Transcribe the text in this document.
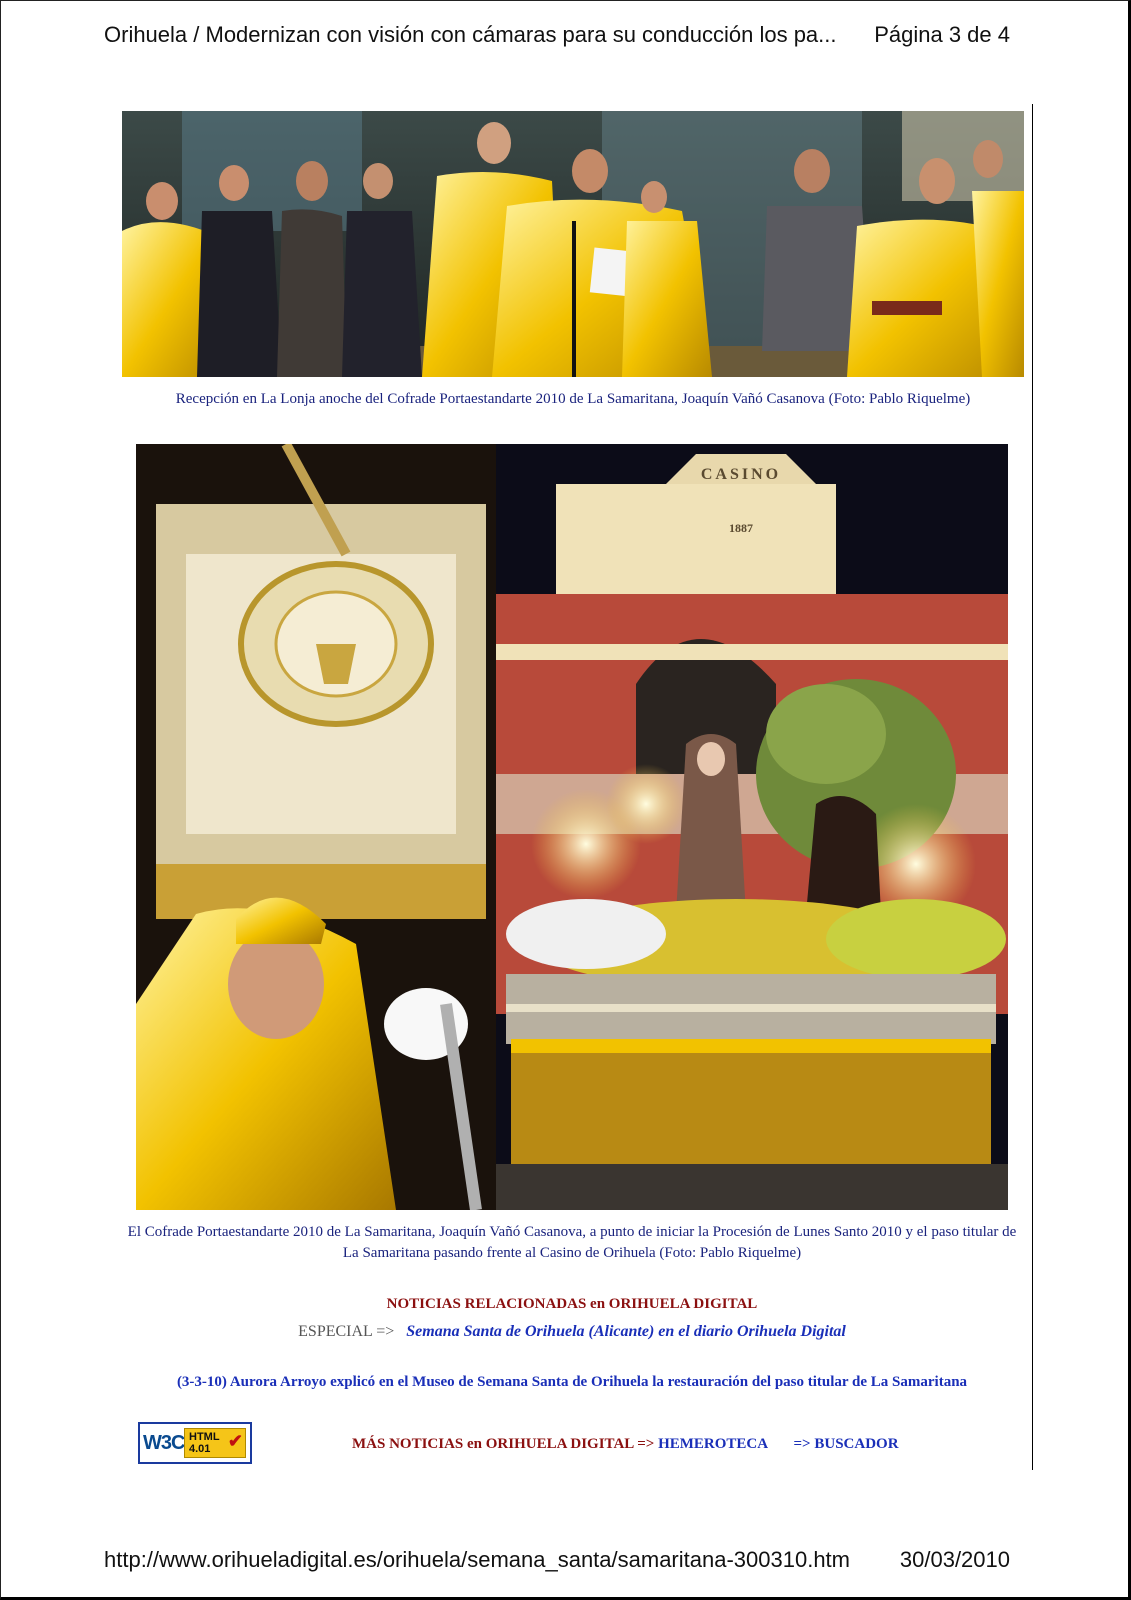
Orihuela / Modernizan con visión con cámaras para su conducción los pa... Página 3 de 4
Recepción en La Lonja anoche del Cofrade Portaestandarte 2010 de La Samaritana, Joaquín Vañó Casanova (Foto: Pablo Riquelme)
CASINO
1887
El Cofrade Portaestandarte 2010 de La Samaritana, Joaquín Vañó Casanova, a punto de iniciar la Procesión de Lunes Santo 2010 y el paso titular de La Samaritana pasando frente al Casino de Orihuela (Foto: Pablo Riquelme)
NOTICIAS RELACIONADAS en ORIHUELA DIGITAL
ESPECIAL => Semana Santa de Orihuela (Alicante) en el diario Orihuela Digital
(3-3-10) Aurora Arroyo explicó en el Museo de Semana Santa de Orihuela la restauración del paso titular de La Samaritana
W3C HTML
4.01 ✔	MÁS NOTICIAS en ORIHUELA DIGITAL => HEMEROTECA => BUSCADOR
http://www.orihueladigital.es/orihuela/semana_santa/samaritana-300310.htm 30/03/2010
